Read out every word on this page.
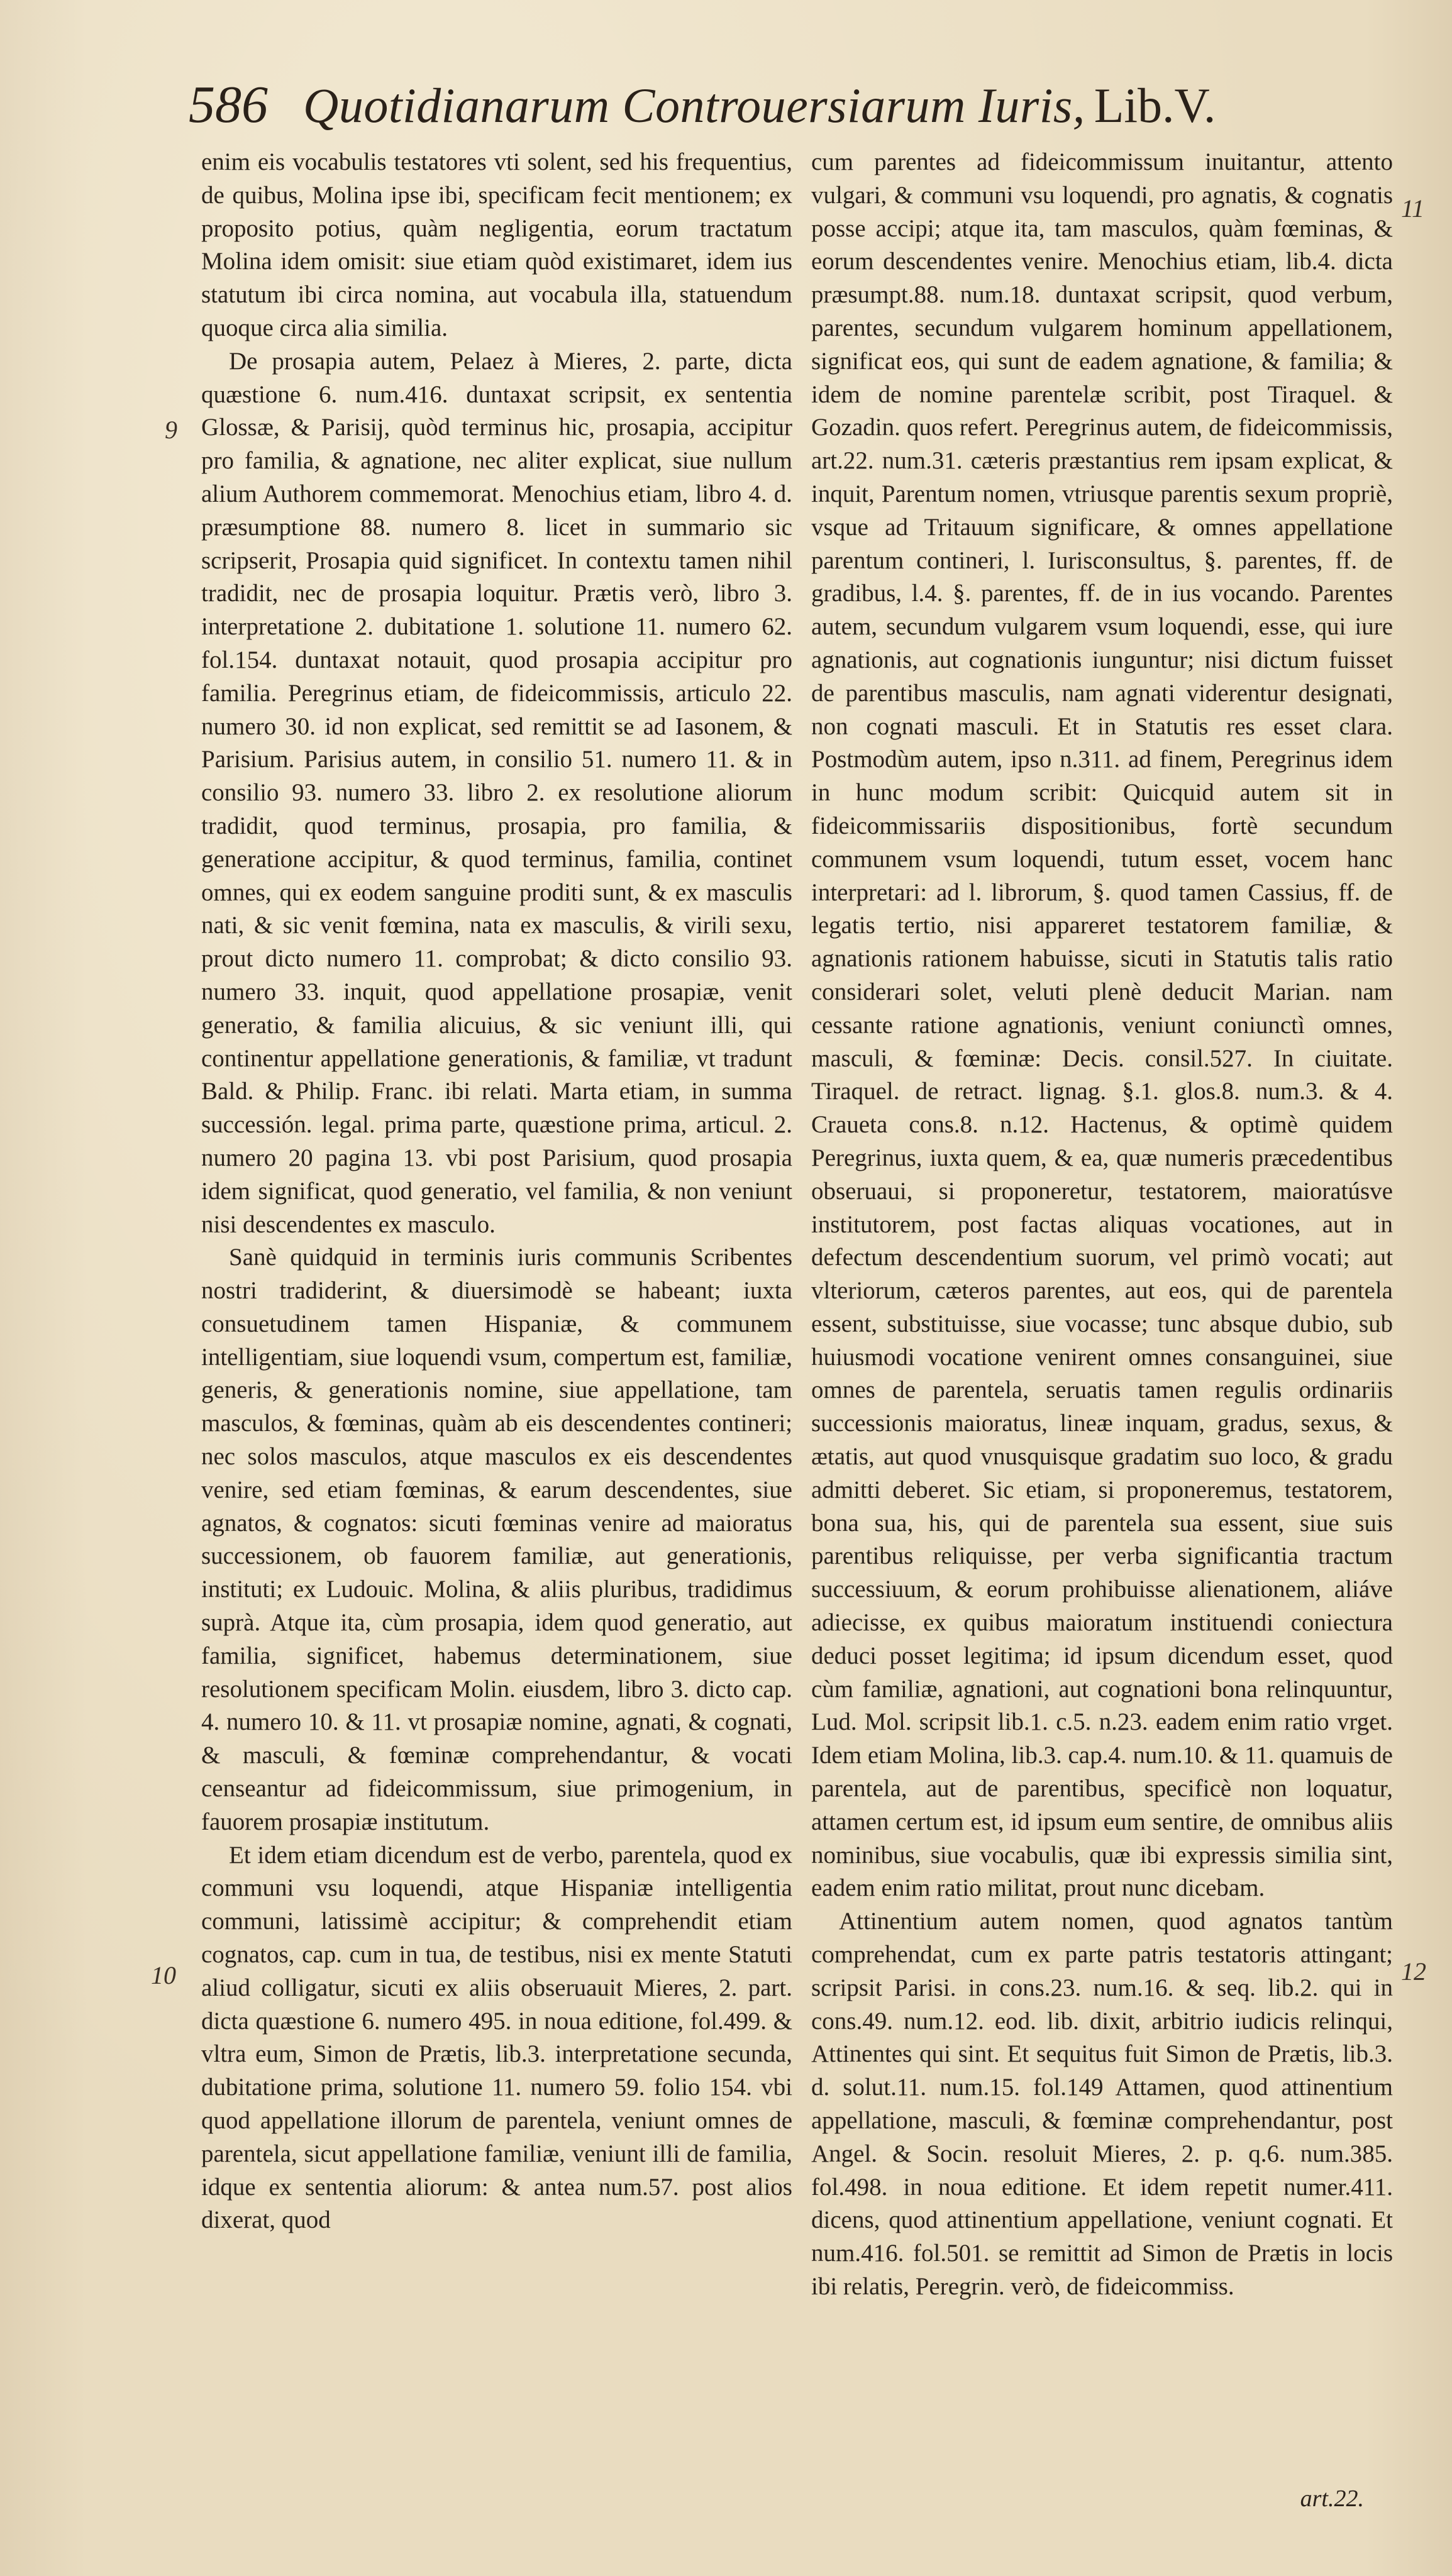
586 Quotidianarum Controuersiarum Iuris, Lib.V.
9
10
11
12

enim eis vocabulis testatores vti solent, sed his frequentius, de quibus, Molina ipse ibi, specificam fecit mentionem; ex proposito potius, quàm negligentia, eorum tractatum Molina idem omisit: siue etiam quòd existimaret, idem ius statutum ibi circa nomina, aut vocabula illa, statuendum quoque circa alia similia.

De prosapia autem, Pelaez à Mieres, 2. parte, dicta quæstione 6. num.416. duntaxat scripsit, ex sententia Glossæ, & Parisij, quòd terminus hic, prosapia, accipitur pro familia, & agnatione, nec aliter explicat, siue nullum alium Authorem commemorat. Menochius etiam, libro 4. d. præsumptione 88. numero 8. licet in summario sic scripserit, Prosapia quid significet. In contextu tamen nihil tradidit, nec de prosapia loquitur. Prætis verò, libro 3. interpretatione 2. dubitatione 1. solutione 11. numero 62. fol.154. duntaxat notauit, quod prosapia accipitur pro familia. Peregrinus etiam, de fideicommissis, articulo 22. numero 30. id non explicat, sed remittit se ad Iasonem, & Parisium. Parisius autem, in consilio 51. numero 11. & in consilio 93. numero 33. libro 2. ex resolutione aliorum tradidit, quod terminus, prosapia, pro familia, & generatione accipitur, & quod terminus, familia, continet omnes, qui ex eodem sanguine proditi sunt, & ex masculis nati, & sic venit fœmina, nata ex masculis, & virili sexu, prout dicto numero 11. comprobat; & dicto consilio 93. numero 33. inquit, quod appellatione prosapiæ, venit generatio, & familia alicuius, & sic veniunt illi, qui continentur appellatione generationis, & familiæ, vt tradunt Bald. & Philip. Franc. ibi relati. Marta etiam, in summa successión. legal. prima parte, quæstione prima, articul. 2. numero 20 pagina 13. vbi post Parisium, quod prosapia idem significat, quod generatio, vel familia, & non veniunt nisi descendentes ex masculo.

Sanè quidquid in terminis iuris communis Scribentes nostri tradiderint, & diuersimodè se habeant; iuxta consuetudinem tamen Hispaniæ, & communem intelligentiam, siue loquendi vsum, compertum est, familiæ, generis, & generationis nomine, siue appellatione, tam masculos, & fœminas, quàm ab eis descendentes contineri; nec solos masculos, atque masculos ex eis descendentes venire, sed etiam fœminas, & earum descendentes, siue agnatos, & cognatos: sicuti fœminas venire ad maioratus successionem, ob fauorem familiæ, aut generationis, instituti; ex Ludouic. Molina, & aliis pluribus, tradidimus suprà. Atque ita, cùm prosapia, idem quod generatio, aut familia, significet, habemus determinationem, siue resolutionem specificam Molin. eiusdem, libro 3. dicto cap. 4. numero 10. & 11. vt prosapiæ nomine, agnati, & cognati, & masculi, & fœminæ comprehendantur, & vocati censeantur ad fideicommissum, siue primogenium, in fauorem prosapiæ institutum.

Et idem etiam dicendum est de verbo, parentela, quod ex communi vsu loquendi, atque Hispaniæ intelligentia communi, latissimè accipitur; & comprehendit etiam cognatos, cap. cum in tua, de testibus, nisi ex mente Statuti aliud colligatur, sicuti ex aliis obseruauit Mieres, 2. part. dicta quæstione 6. numero 495. in noua editione, fol.499. & vltra eum, Simon de Prætis, lib.3. interpretatione secunda, dubitatione prima, solutione 11. numero 59. folio 154. vbi quod appellatione illorum de parentela, veniunt omnes de parentela, sicut appellatione familiæ, veniunt illi de familia, idque ex sententia aliorum: & antea num.57. post alios dixerat, quod

cum parentes ad fideicommissum inuitantur, attento vulgari, & communi vsu loquendi, pro agnatis, & cognatis posse accipi; atque ita, tam masculos, quàm fœminas, & eorum descendentes venire. Menochius etiam, lib.4. dicta præsumpt.88. num.18. duntaxat scripsit, quod verbum, parentes, secundum vulgarem hominum appellationem, significat eos, qui sunt de eadem agnatione, & familia; & idem de nomine parentelæ scribit, post Tiraquel. & Gozadin. quos refert. Peregrinus autem, de fideicommissis, art.22. num.31. cæteris præstantius rem ipsam explicat, & inquit, Parentum nomen, vtriusque parentis sexum propriè, vsque ad Tritauum significare, & omnes appellatione parentum contineri, l. Iurisconsultus, §. parentes, ff. de gradibus, l.4. §. parentes, ff. de in ius vocando. Parentes autem, secundum vulgarem vsum loquendi, esse, qui iure agnationis, aut cognationis iunguntur; nisi dictum fuisset de parentibus masculis, nam agnati viderentur designati, non cognati masculi. Et in Statutis res esset clara. Postmodùm autem, ipso n.311. ad finem, Peregrinus idem in hunc modum scribit: Quicquid autem sit in fideicommissariis dispositionibus, fortè secundum communem vsum loquendi, tutum esset, vocem hanc interpretari: ad l. librorum, §. quod tamen Cassius, ff. de legatis tertio, nisi appareret testatorem familiæ, & agnationis rationem habuisse, sicuti in Statutis talis ratio considerari solet, veluti plenè deducit Marian. nam cessante ratione agnationis, veniunt coniunctì omnes, masculi, & fœminæ: Decis. consil.527. In ciuitate. Tiraquel. de retract. lignag. §.1. glos.8. num.3. & 4. Craueta cons.8. n.12. Hactenus, & optimè quidem Peregrinus, iuxta quem, & ea, quæ numeris præcedentibus obseruaui, si proponeretur, testatorem, maioratúsve institutorem, post factas aliquas vocationes, aut in defectum descendentium suorum, vel primò vocati; aut vlteriorum, cæteros parentes, aut eos, qui de parentela essent, substituisse, siue vocasse; tunc absque dubio, sub huiusmodi vocatione venirent omnes consanguinei, siue omnes de parentela, seruatis tamen regulis ordinariis successionis maioratus, lineæ inquam, gradus, sexus, & ætatis, aut quod vnusquisque gradatim suo loco, & gradu admitti deberet. Sic etiam, si proponeremus, testatorem, bona sua, his, qui de parentela sua essent, siue suis parentibus reliquisse, per verba significantia tractum successiuum, & eorum prohibuisse alienationem, aliáve adiecisse, ex quibus maioratum instituendi coniectura deduci posset legitima; id ipsum dicendum esset, quod cùm familiæ, agnationi, aut cognationi bona relinquuntur, Lud. Mol. scripsit lib.1. c.5. n.23. eadem enim ratio vrget. Idem etiam Molina, lib.3. cap.4. num.10. & 11. quamuis de parentela, aut de parentibus, specificè non loquatur, attamen certum est, id ipsum eum sentire, de omnibus aliis nominibus, siue vocabulis, quæ ibi expressis similia sint, eadem enim ratio militat, prout nunc dicebam.

Attinentium autem nomen, quod agnatos tantùm comprehendat, cum ex parte patris testatoris attingant; scripsit Parisi. in cons.23. num.16. & seq. lib.2. qui in cons.49. num.12. eod. lib. dixit, arbitrio iudicis relinqui, Attinentes qui sint. Et sequitus fuit Simon de Prætis, lib.3. d. solut.11. num.15. fol.149 Attamen, quod attinentium appellatione, masculi, & fœminæ comprehendantur, post Angel. & Socin. resoluit Mieres, 2. p. q.6. num.385. fol.498. in noua editione. Et idem repetit numer.411. dicens, quod attinentium appellatione, veniunt cognati. Et num.416. fol.501. se remittit ad Simon de Prætis in locis ibi relatis, Peregrin. verò, de fideicommiss.

art.22.
